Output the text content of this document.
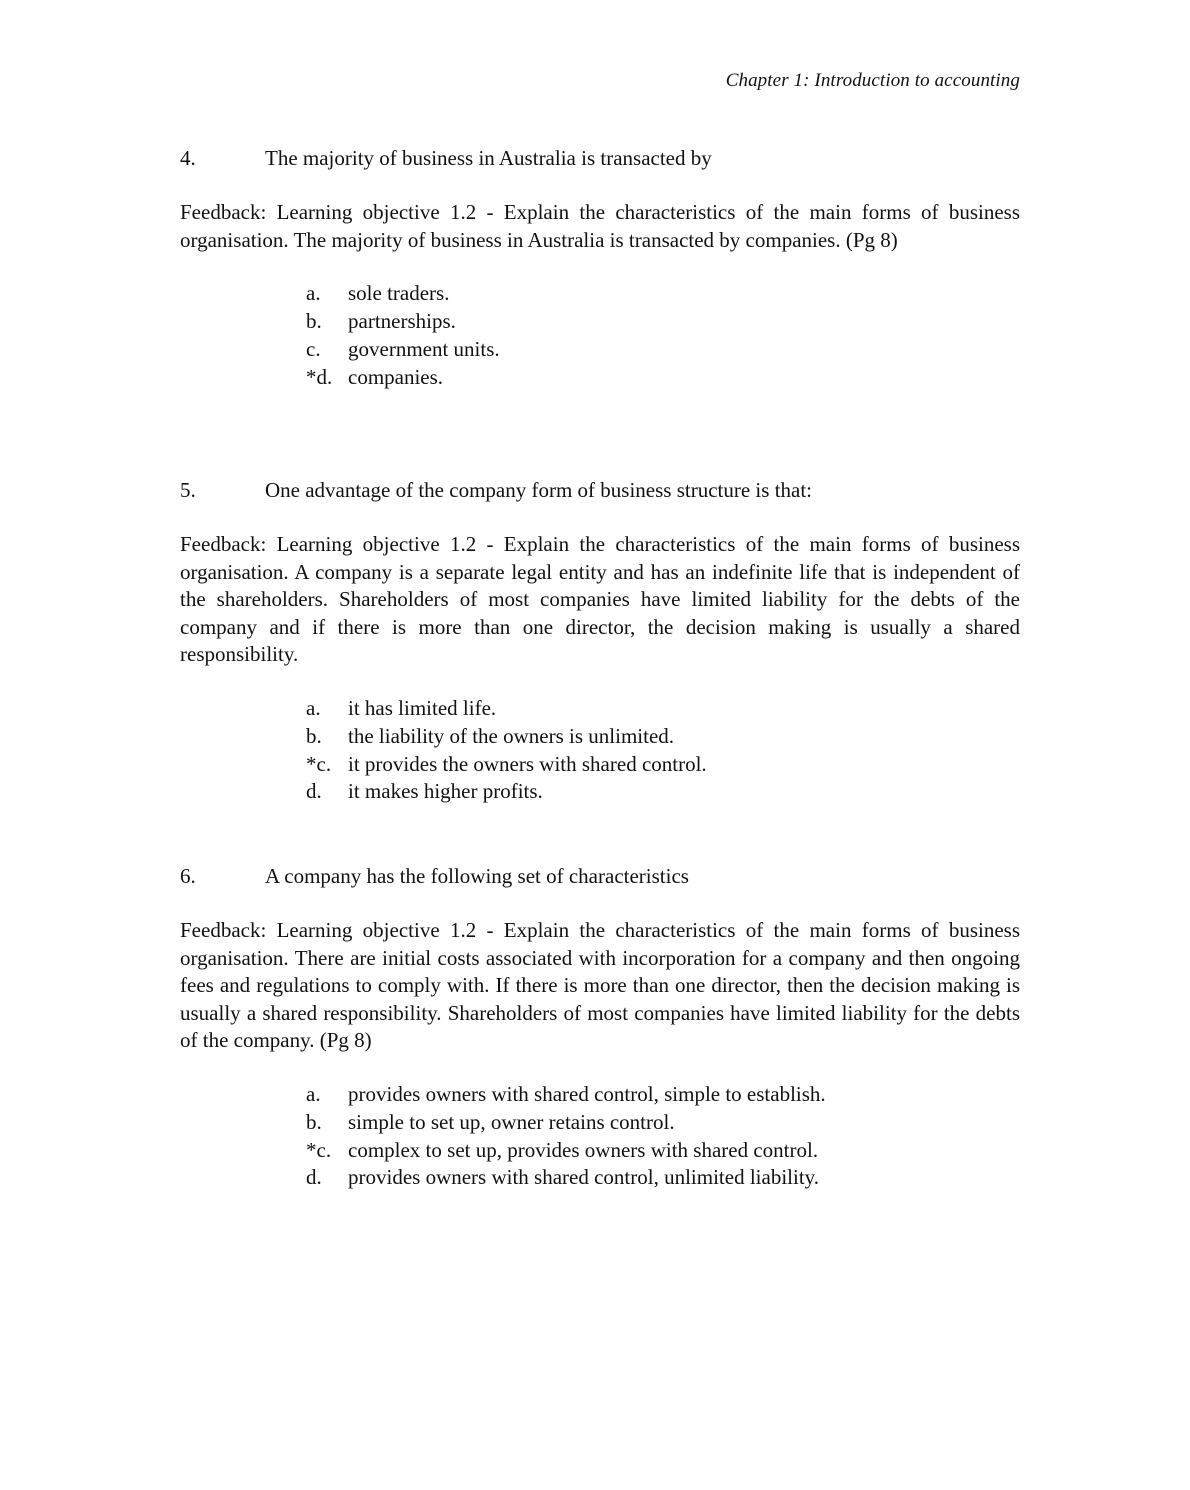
Chapter 1: Introduction to accounting
4.	The majority of business in Australia is transacted by
Feedback: Learning objective 1.2 - Explain the characteristics of the main forms of business organisation. The majority of business in Australia is transacted by companies. (Pg 8)
a.	sole traders.
b.	partnerships.
c.	government units.
*d. companies.
5.	One advantage of the company form of business structure is that:
Feedback: Learning objective 1.2 - Explain the characteristics of the main forms of business organisation. A company is a separate legal entity and has an indefinite life that is independent of the shareholders. Shareholders of most companies have limited liability for the debts of the company and if there is more than one director, the decision making is usually a shared responsibility.
a.	it has limited life.
b.	the liability of the owners is unlimited.
*c. it provides the owners with shared control.
d.	it makes higher profits.
6.	A company has the following set of characteristics
Feedback: Learning objective 1.2 - Explain the characteristics of the main forms of business organisation. There are initial costs associated with incorporation for a company and then ongoing fees and regulations to comply with. If there is more than one director, then the decision making is usually a shared responsibility. Shareholders of most companies have limited liability for the debts of the company. (Pg 8)
a.	provides owners with shared control, simple to establish.
b.	simple to set up, owner retains control.
*c. complex to set up, provides owners with shared control.
d.	provides owners with shared control, unlimited liability.
